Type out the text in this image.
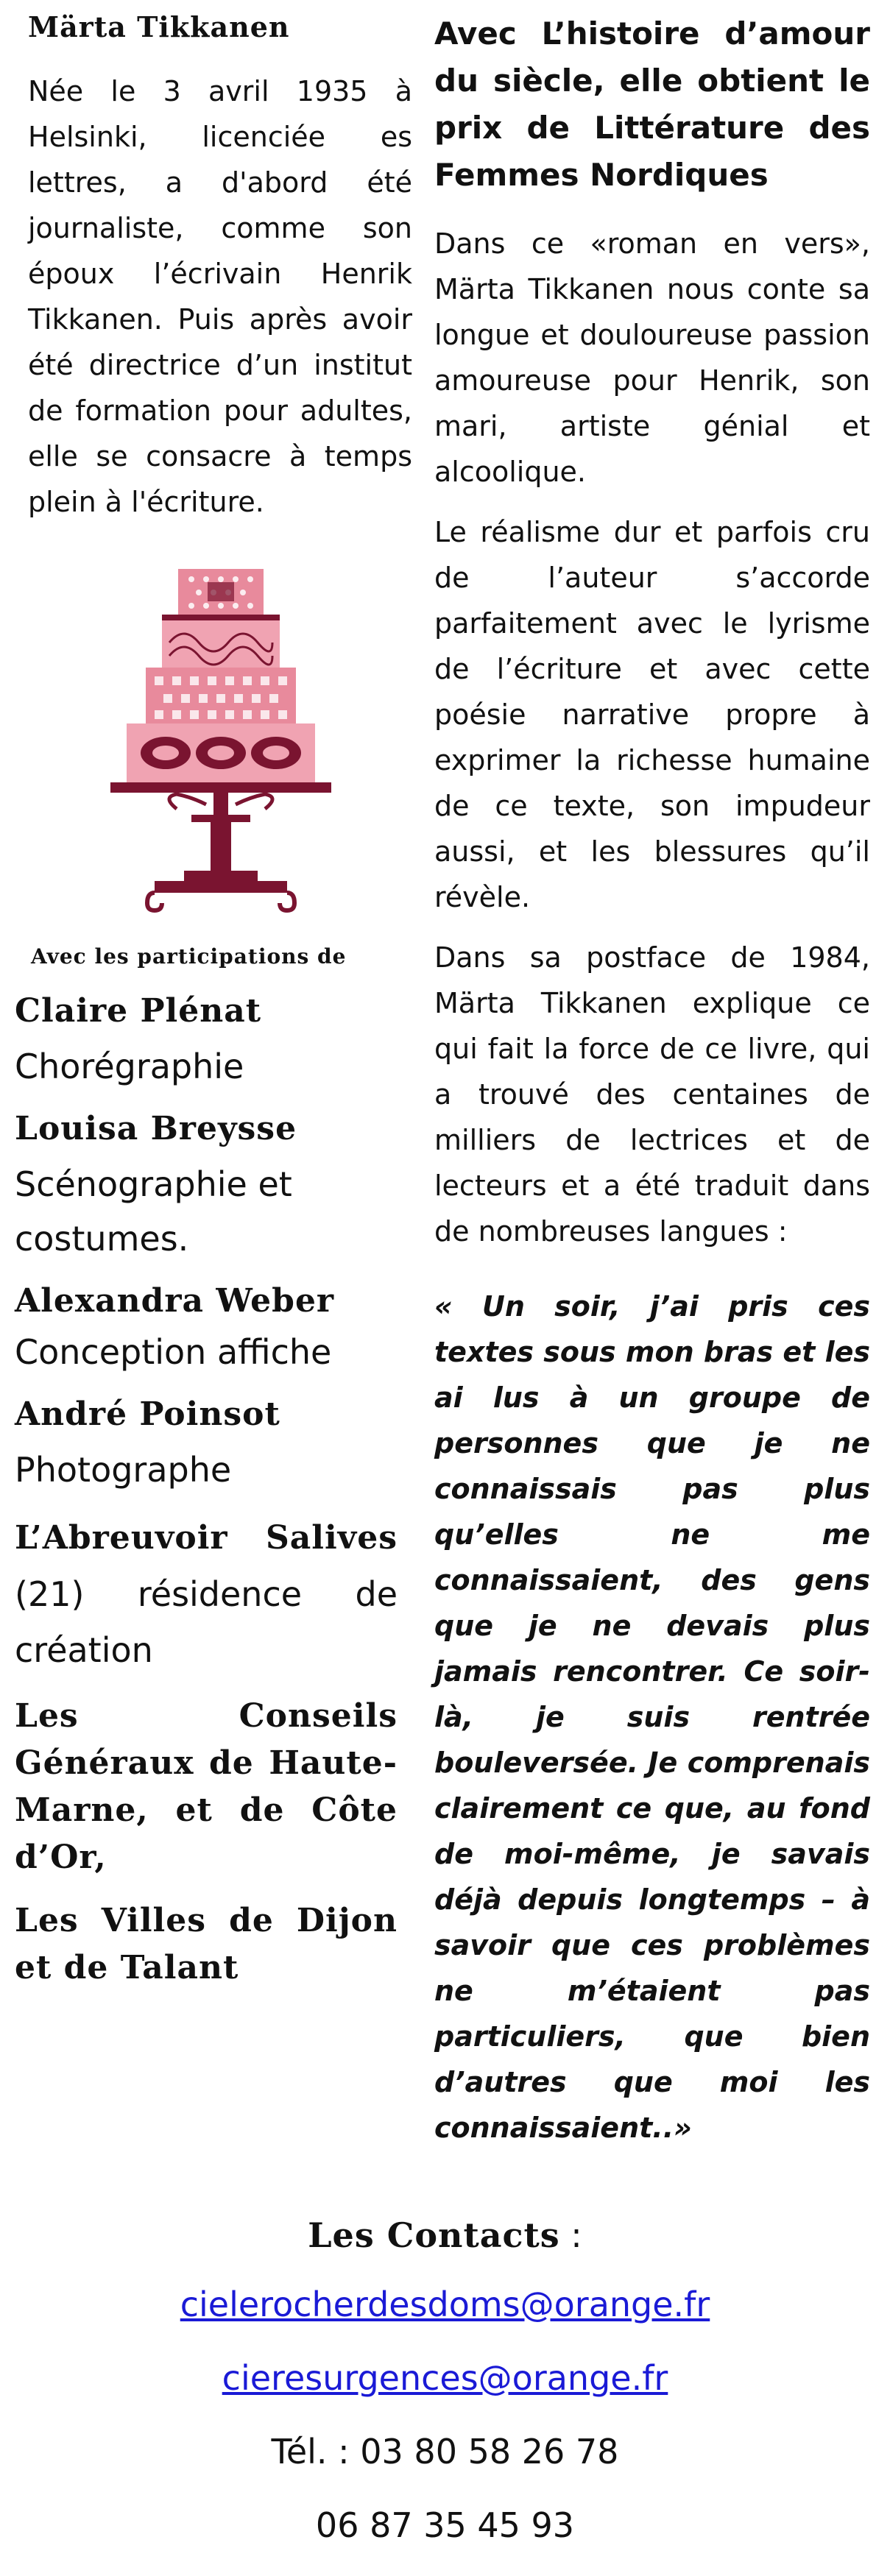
Märta Tikkanen
Née le 3 avril 1935 à Helsinki, licenciée es lettres, a d'abord été journaliste, comme son époux l’écrivain Henrik Tikkanen. Puis après avoir été directrice d’un institut de formation pour adultes, elle se consacre à temps plein à l'écriture.
Avec les participations de
Claire Plénat
Chorégraphie
Louisa Breysse
Scénographie et costumes.
Alexandra Weber
Conception affiche
André Poinsot
Photographe
L’Abreuvoir Salives (21) résidence de création
Les Conseils Généraux de Haute-Marne, et de Côte d’Or,
Les Villes de Dijon et de Talant
Avec L’histoire d’amour du siècle, elle obtient le prix de Littérature des Femmes Nordiques
Dans ce «roman en vers», Märta Tikkanen nous conte sa longue et douloureuse passion amoureuse pour Henrik, son mari, artiste génial et alcoolique.
Le réalisme dur et parfois cru de l’auteur s’accorde parfaitement avec le lyrisme de l’écriture et avec cette poésie narrative propre à exprimer la richesse humaine de ce texte, son impudeur aussi, et les blessures qu’il révèle.
Dans sa postface de 1984, Märta Tikkanen explique ce qui fait la force de ce livre, qui a trouvé des centaines de milliers de lectrices et de lecteurs et a été traduit dans de nombreuses langues :
« Un soir, j’ai pris ces textes sous mon bras et les ai lus à un groupe de personnes que je ne connaissais pas plus qu’elles ne me connaissaient, des gens que je ne devais plus jamais rencontrer. Ce soir-là, je suis rentrée bouleversée. Je comprenais clairement ce que, au fond de moi-même, je savais déjà depuis longtemps – à savoir que ces problèmes ne m’étaient pas particuliers, que bien d’autres que moi les connaissaient..»
Les Contacts :
cielerocherdesdoms@orange.fr
cieresurgences@orange.fr
Tél. : 03 80 58 26 78
06 87 35 45 93
